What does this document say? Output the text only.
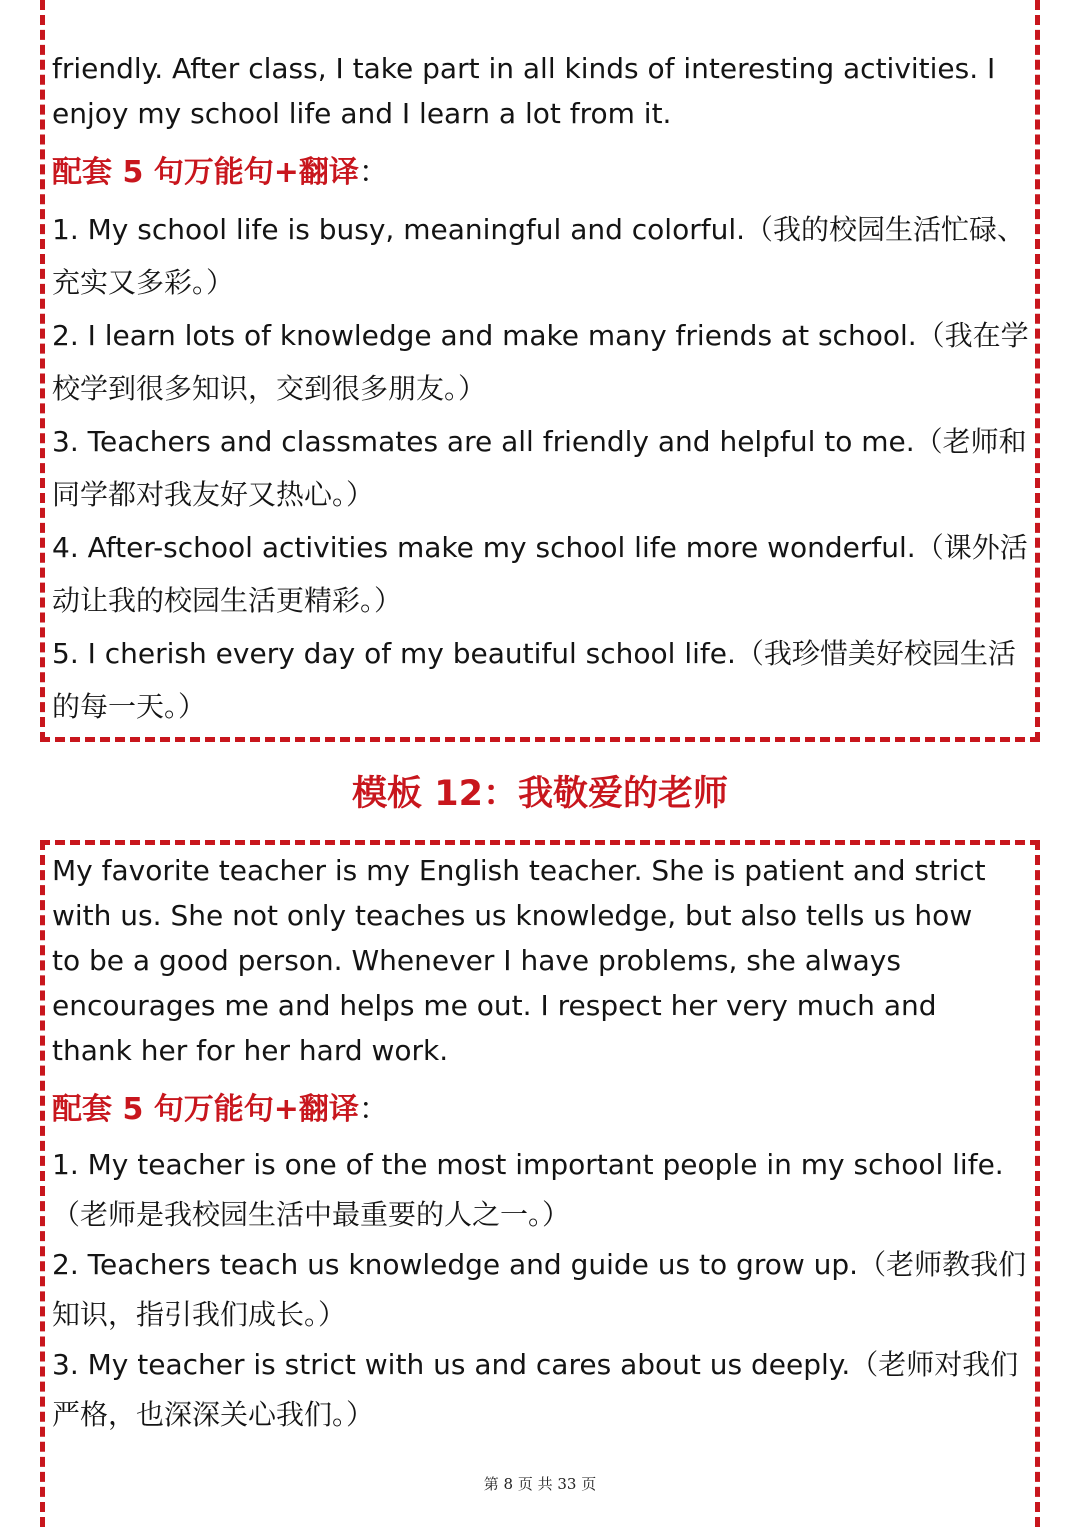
friendly. After class, I take part in all kinds of interesting activities. I

enjoy my school life and I learn a lot from it.

配套 5 句万能句+翻译：

1. My school life is busy, meaningful and colorful.（我的校园生活忙碌、充实又多彩。）

2. I learn lots of knowledge and make many friends at school.（我在学校学到很多知识，交到很多朋友。）

3. Teachers and classmates are all friendly and helpful to me.（老师和同学都对我友好又热心。）

4. After-school activities make my school life more wonderful.（课外活动让我的校园生活更精彩。）

5. I cherish every day of my beautiful school life.（我珍惜美好校园生活的每一天。）

模板 12：我敬爱的老师

My favorite teacher is my English teacher. She is patient and strict

with us. She not only teaches us knowledge, but also tells us how

to be a good person. Whenever I have problems, she always

encourages me and helps me out. I respect her very much and

thank her for her hard work.

配套 5 句万能句+翻译：

1. My teacher is one of the most important people in my school life.（老师是我校园生活中最重要的人之一。）

2. Teachers teach us knowledge and guide us to grow up.（老师教我们知识，指引我们成长。）

3. My teacher is strict with us and cares about us deeply.（老师对我们严格，也深深关心我们。）

第 8 页 共 33 页
